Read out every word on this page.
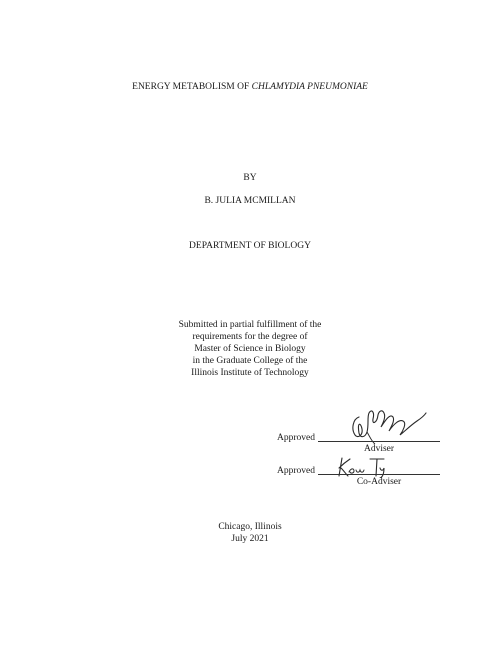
ENERGY METABOLISM OF CHLAMYDIA PNEUMONIAE
BY
B. JULIA MCMILLAN
DEPARTMENT OF BIOLOGY
Submitted in partial fulfillment of the
requirements for the degree of
Master of Science in Biology
in the Graduate College of the
Illinois Institute of Technology
Approved
Adviser
Approved
Co-Adviser
Chicago, Illinois
July 2021
